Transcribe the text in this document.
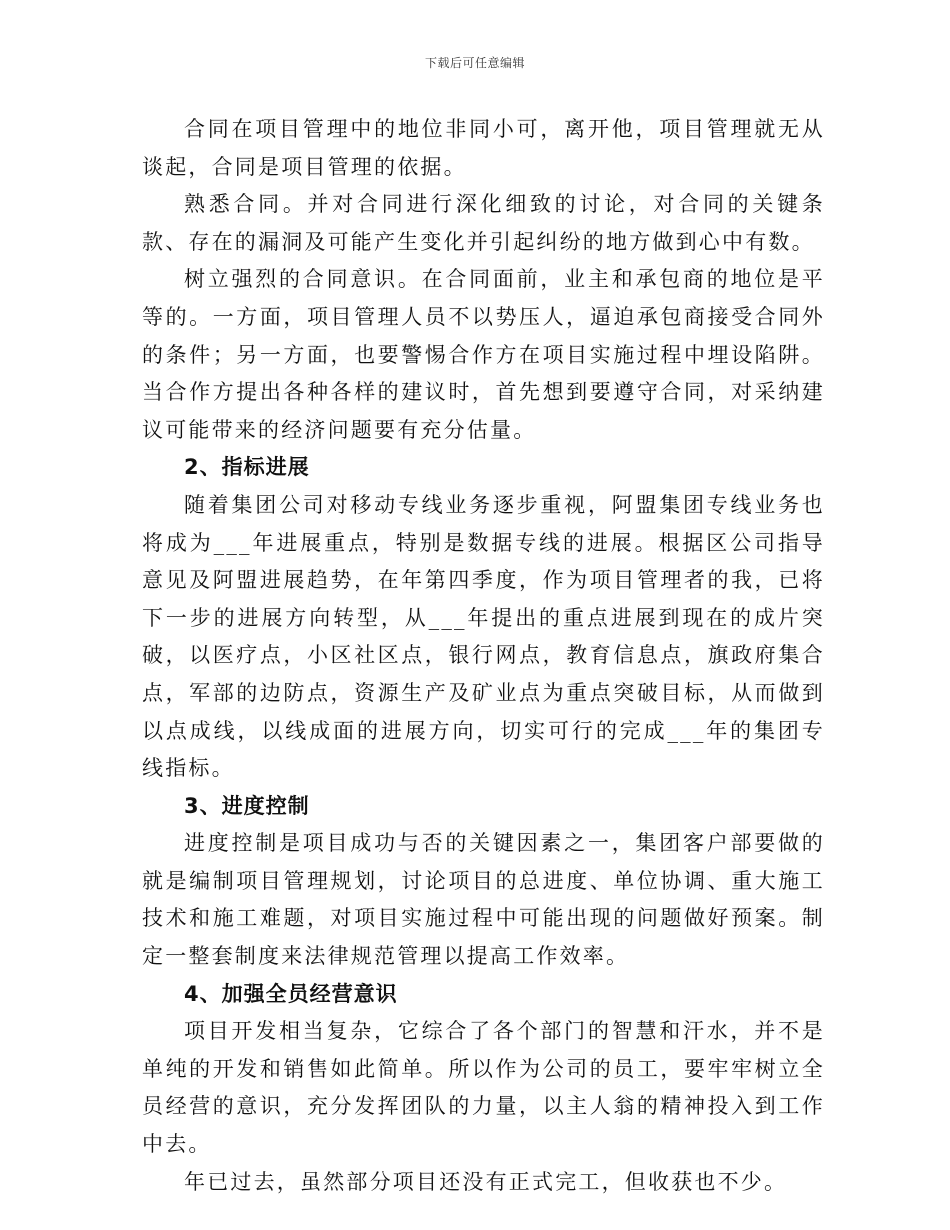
下载后可任意编辑

合同在项目管理中的地位非同小可，离开他，项目管理就无从谈起，合同是项目管理的依据。

熟悉合同。并对合同进行深化细致的讨论，对合同的关键条款、存在的漏洞及可能产生变化并引起纠纷的地方做到心中有数。

树立强烈的合同意识。在合同面前，业主和承包商的地位是平等的。一方面，项目管理人员不以势压人，逼迫承包商接受合同外的条件；另一方面，也要警惕合作方在项目实施过程中埋设陷阱。当合作方提出各种各样的建议时，首先想到要遵守合同，对采纳建议可能带来的经济问题要有充分估量。

2、指标进展

随着集团公司对移动专线业务逐步重视，阿盟集团专线业务也将成为___年进展重点，特别是数据专线的进展。根据区公司指导意见及阿盟进展趋势，在年第四季度，作为项目管理者的我，已将下一步的进展方向转型，从___年提出的重点进展到现在的成片突破，以医疗点，小区社区点，银行网点，教育信息点，旗政府集合点，军部的边防点，资源生产及矿业点为重点突破目标，从而做到以点成线，以线成面的进展方向，切实可行的完成___年的集团专线指标。

3、进度控制

进度控制是项目成功与否的关键因素之一，集团客户部要做的就是编制项目管理规划，讨论项目的总进度、单位协调、重大施工技术和施工难题，对项目实施过程中可能出现的问题做好预案。制定一整套制度来法律规范管理以提高工作效率。

4、加强全员经营意识

项目开发相当复杂，它综合了各个部门的智慧和汗水，并不是单纯的开发和销售如此简单。所以作为公司的员工，要牢牢树立全员经营的意识，充分发挥团队的力量，以主人翁的精神投入到工作中去。

年已过去，虽然部分项目还没有正式完工，但收获也不少。
